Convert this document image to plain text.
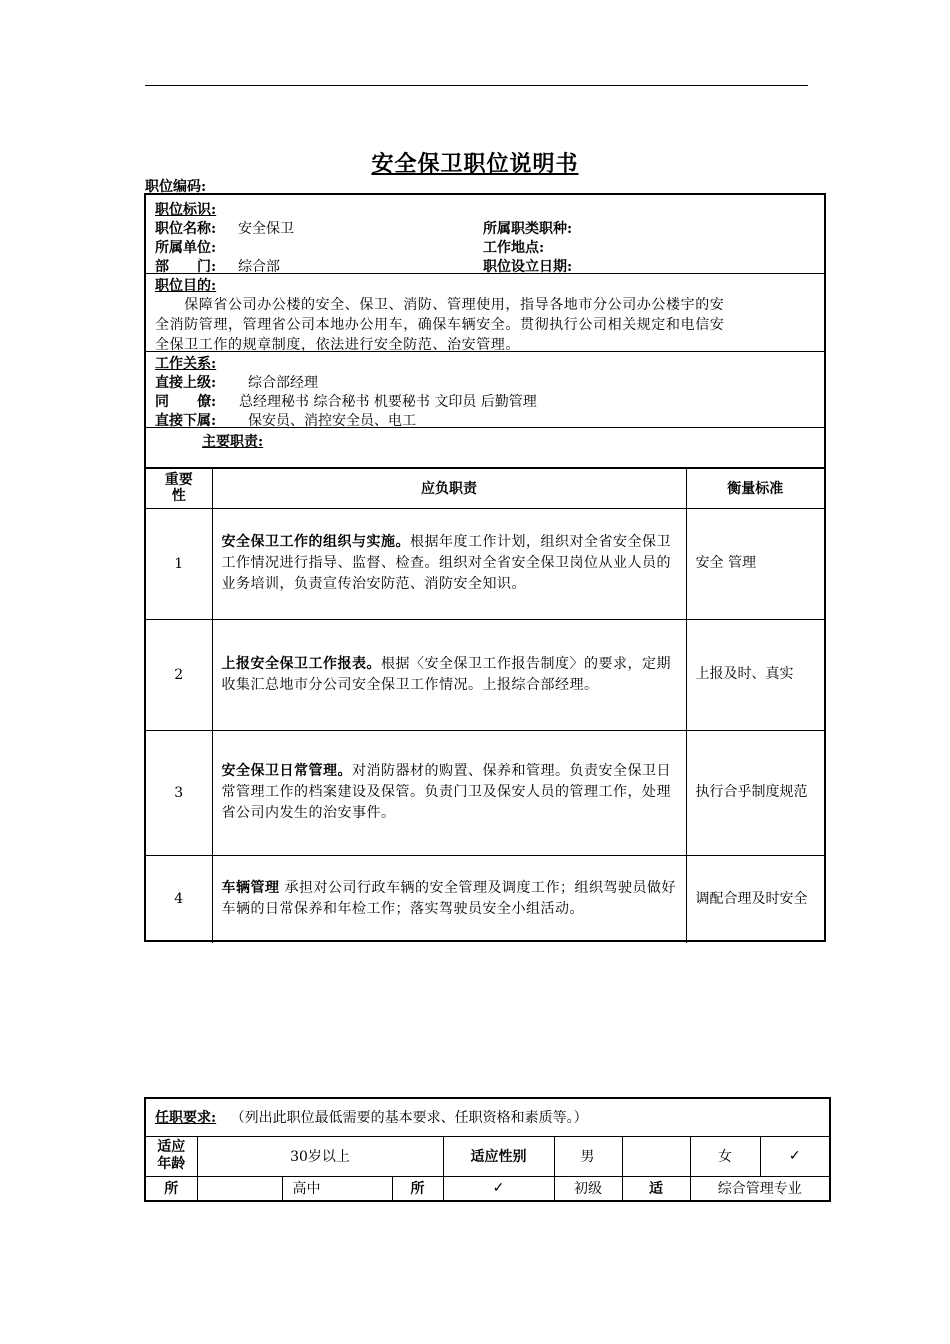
安全保卫职位说明书
职位编码:
职位标识:
职位名称: 安全保卫	所属职类职种:
所属单位:	工作地点:
部　　门: 综合部	职位设立日期:
职位目的:
　　保障省公司办公楼的安全、保卫、消防、管理使用，指导各地市分公司办公楼宇的安
全消防管理，管理省公司本地办公用车，确保车辆安全。贯彻执行公司相关规定和电信安
全保卫工作的规章制度，依法进行安全防范、治安管理。
工作关系:
直接上级: 综合部经理
同　　僚: 总经理秘书 综合秘书 机要秘书 文印员 后勤管理
直接下属: 保安员、消控安全员、电工
主要职责:
重要性	应负职责	衡量标准
1	安全保卫工作的组织与实施。根据年度工作计划，组织对全省安全保卫工作情况进行指导、监督、检查。组织对全省安全保卫岗位从业人员的业务培训，负责宣传治安防范、消防安全知识。	安全 管理
2	上报安全保卫工作报表。根据〈安全保卫工作报告制度〉的要求，定期收集汇总地市分公司安全保卫工作情况。上报综合部经理。	上报及时、真实
3	安全保卫日常管理。对消防器材的购置、保养和管理。负责安全保卫日常管理工作的档案建设及保管。负责门卫及保安人员的管理工作，处理省公司内发生的治安事件。	执行合乎制度规范
4	车辆管理 承担对公司行政车辆的安全管理及调度工作；组织驾驶员做好车辆的日常保养和年检工作；落实驾驶员安全小组活动。	调配合理及时安全
任职要求: （列出此职位最低需要的基本要求、任职资格和素质等。）								
适应年龄	30岁以上			适应性别	男		女	✓
所		高中	所	✓	初级	适	综合管理专业	
